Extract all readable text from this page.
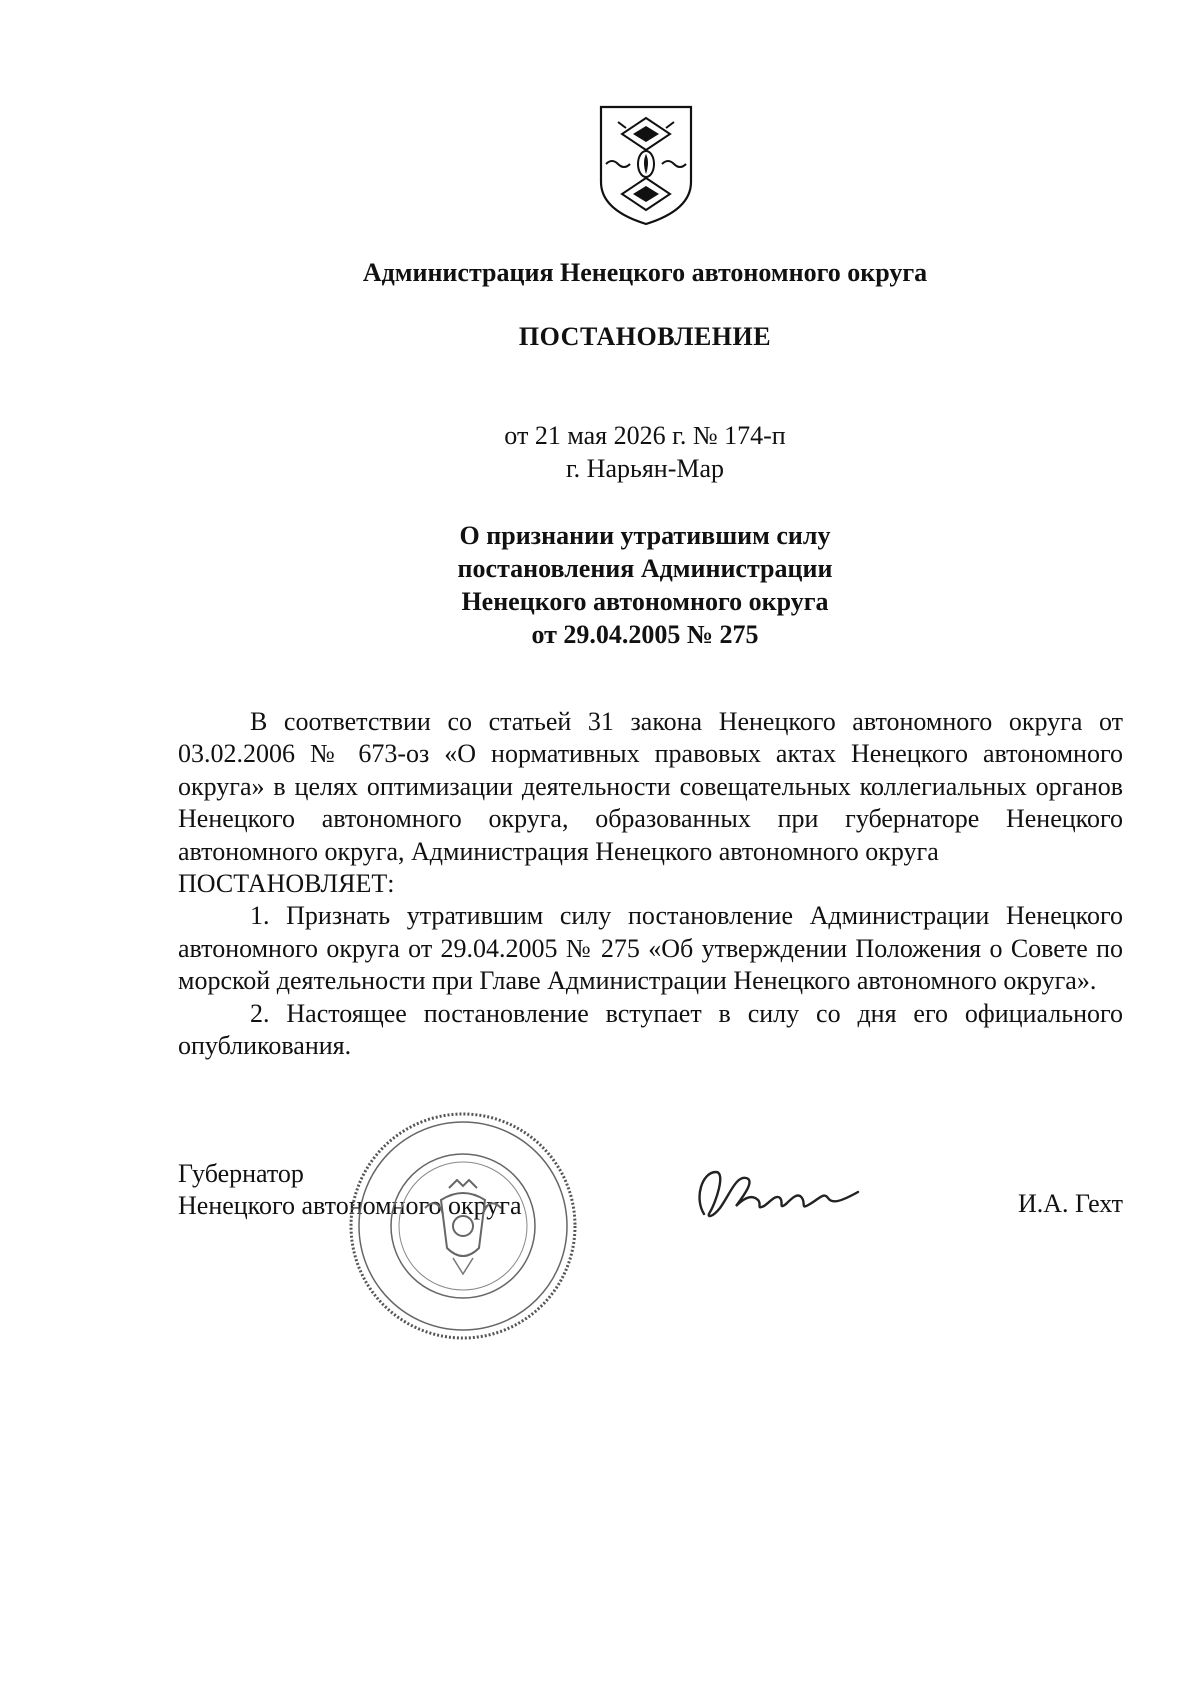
Администрация Ненецкого автономного округа
ПОСТАНОВЛЕНИЕ
от 21 мая 2026 г. № 174-п
г. Нарьян-Мар
О признании утратившим силу
постановления Администрации
Ненецкого автономного округа
от 29.04.2005 № 275

В соответствии со статьей 31 закона Ненецкого автономного округа от 03.02.2006 № 673-оз «О нормативных правовых актах Ненецкого автономного округа» в целях оптимизации деятельности совещательных коллегиальных органов Ненецкого автономного округа, образованных при губернаторе Ненецкого автономного округа, Администрация Ненецкого автономного округа

ПОСТАНОВЛЯЕТ:

1. Признать утратившим силу постановление Администрации Ненецкого автономного округа от 29.04.2005 № 275 «Об утверждении Положения о Совете по морской деятельности при Главе Администрации Ненецкого автономного округа».

2. Настоящее постановление вступает в силу со дня его официального опубликования.

Губернатор
Ненецкого автономного округа	И.А. Гехт
